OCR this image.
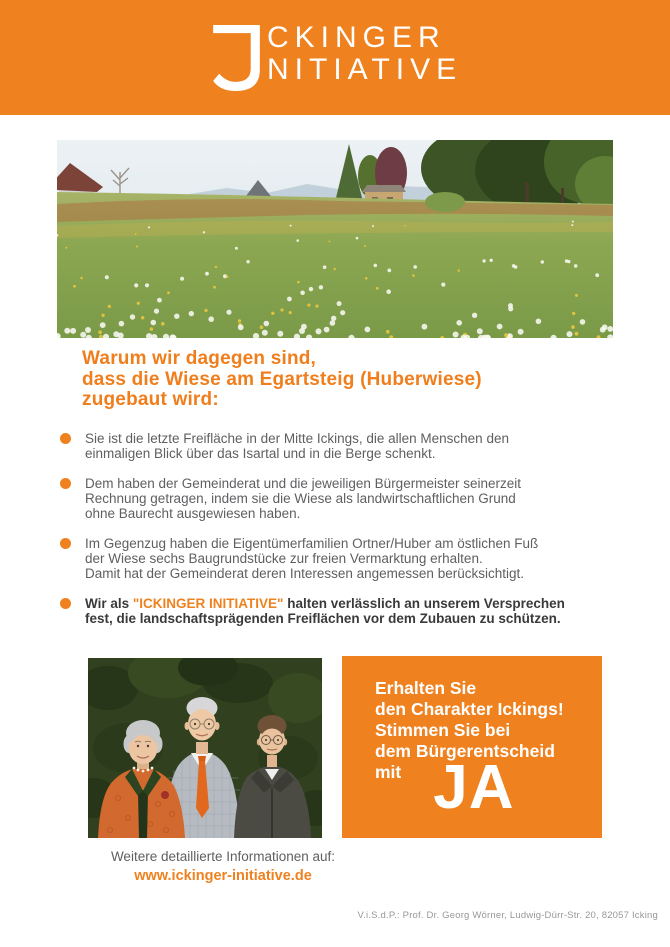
CKINGER
NITIATIVE
Warum wir dagegen sind,
dass die Wiese am Egartsteig (Huberwiese)
zugebaut wird:

Sie ist die letzte Freifläche in der Mitte Ickings, die allen Menschen den
einmaligen Blick über das Isartal und in die Berge schenkt.

Dem haben der Gemeinderat und die jeweiligen Bürgermeister seinerzeit
Rechnung getragen, indem sie die Wiese als landwirtschaftlichen Grund
ohne Baurecht ausgewiesen haben.

Im Gegenzug haben die Eigentümerfamilien Ortner/Huber am östlichen Fuß
der Wiese sechs Baugrundstücke zur freien Vermarktung erhalten.
Damit hat der Gemeinderat deren Interessen angemessen berücksichtigt.

Wir als "ICKINGER INITIATIVE" halten verlässlich an unserem Versprechen
fest, die landschaftsprägenden Freiflächen vor dem Zubauen zu schützen.

Erhalten Sie
den Charakter Ickings!
Stimmen Sie bei
dem Bürgerentscheid
mit JA
Weitere detaillierte Informationen auf:
www.ickinger-initiative.de
V.i.S.d.P.: Prof. Dr. Georg Wörner, Ludwig-Dürr-Str. 20, 82057 Icking
